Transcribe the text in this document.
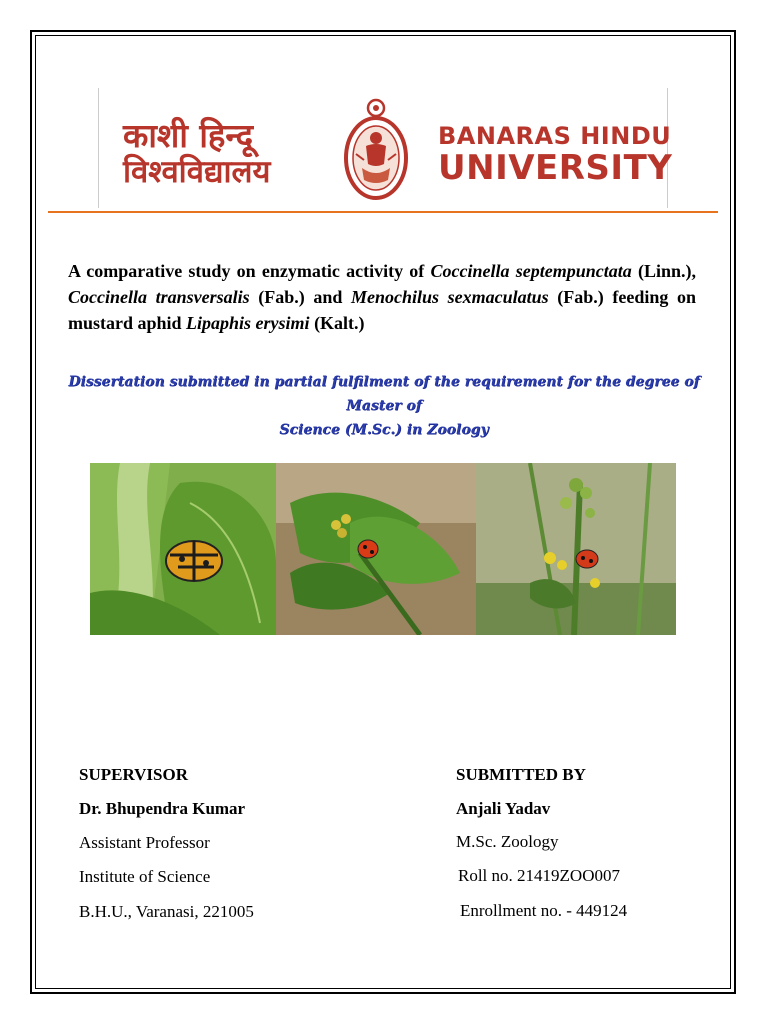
काशी हिन्दू
विश्वविद्यालय
BANARAS HINDU
UNIVERSITY
A comparative study on enzymatic activity of Coccinella septempunctata (Linn.), Coccinella transversalis (Fab.) and Menochilus sexmaculatus (Fab.) feeding on mustard aphid Lipaphis erysimi (Kalt.)
Dissertation submitted in partial fulfilment of the requirement for the degree of Master of
Science (M.Sc.) in Zoology
SUPERVISOR
Dr. Bhupendra Kumar
Assistant Professor
Institute of Science
B.H.U., Varanasi, 221005
SUBMITTED BY
Anjali Yadav
M.Sc. Zoology
Roll no. 21419ZOO007
Enrollment no. - 449124
